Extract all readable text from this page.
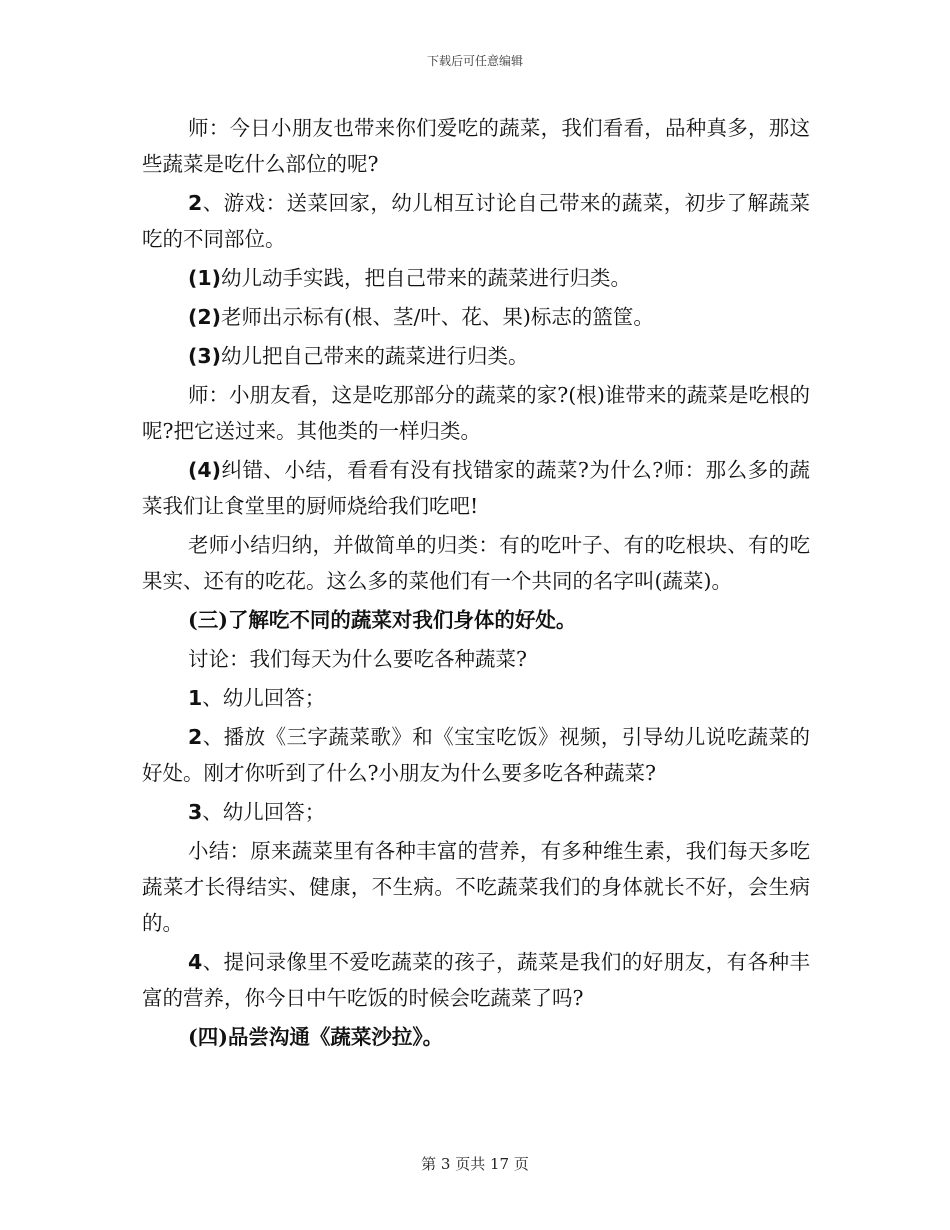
下载后可任意编辑

师：今日小朋友也带来你们爱吃的蔬菜，我们看看，品种真多，那这些蔬菜是吃什么部位的呢?

2、游戏：送菜回家，幼儿相互讨论自己带来的蔬菜，初步了解蔬菜吃的不同部位。

(1)幼儿动手实践，把自己带来的蔬菜进行归类。

(2)老师出示标有(根、茎/叶、花、果)标志的篮筐。

(3)幼儿把自己带来的蔬菜进行归类。

师：小朋友看，这是吃那部分的蔬菜的家?(根)谁带来的蔬菜是吃根的呢?把它送过来。其他类的一样归类。

(4)纠错、小结，看看有没有找错家的蔬菜?为什么?师：那么多的蔬菜我们让食堂里的厨师烧给我们吃吧!

老师小结归纳，并做简单的归类：有的吃叶子、有的吃根块、有的吃果实、还有的吃花。这么多的菜他们有一个共同的名字叫(蔬菜)。

(三)了解吃不同的蔬菜对我们身体的好处。

讨论：我们每天为什么要吃各种蔬菜?

1、幼儿回答；

2、播放《三字蔬菜歌》和《宝宝吃饭》视频，引导幼儿说吃蔬菜的好处。刚才你听到了什么?小朋友为什么要多吃各种蔬菜?

3、幼儿回答；

小结：原来蔬菜里有各种丰富的营养，有多种维生素，我们每天多吃蔬菜才长得结实、健康，不生病。不吃蔬菜我们的身体就长不好，会生病的。

4、提问录像里不爱吃蔬菜的孩子，蔬菜是我们的好朋友，有各种丰富的营养，你今日中午吃饭的时候会吃蔬菜了吗?

(四)品尝沟通《蔬菜沙拉》。

第 3 页共 17 页
